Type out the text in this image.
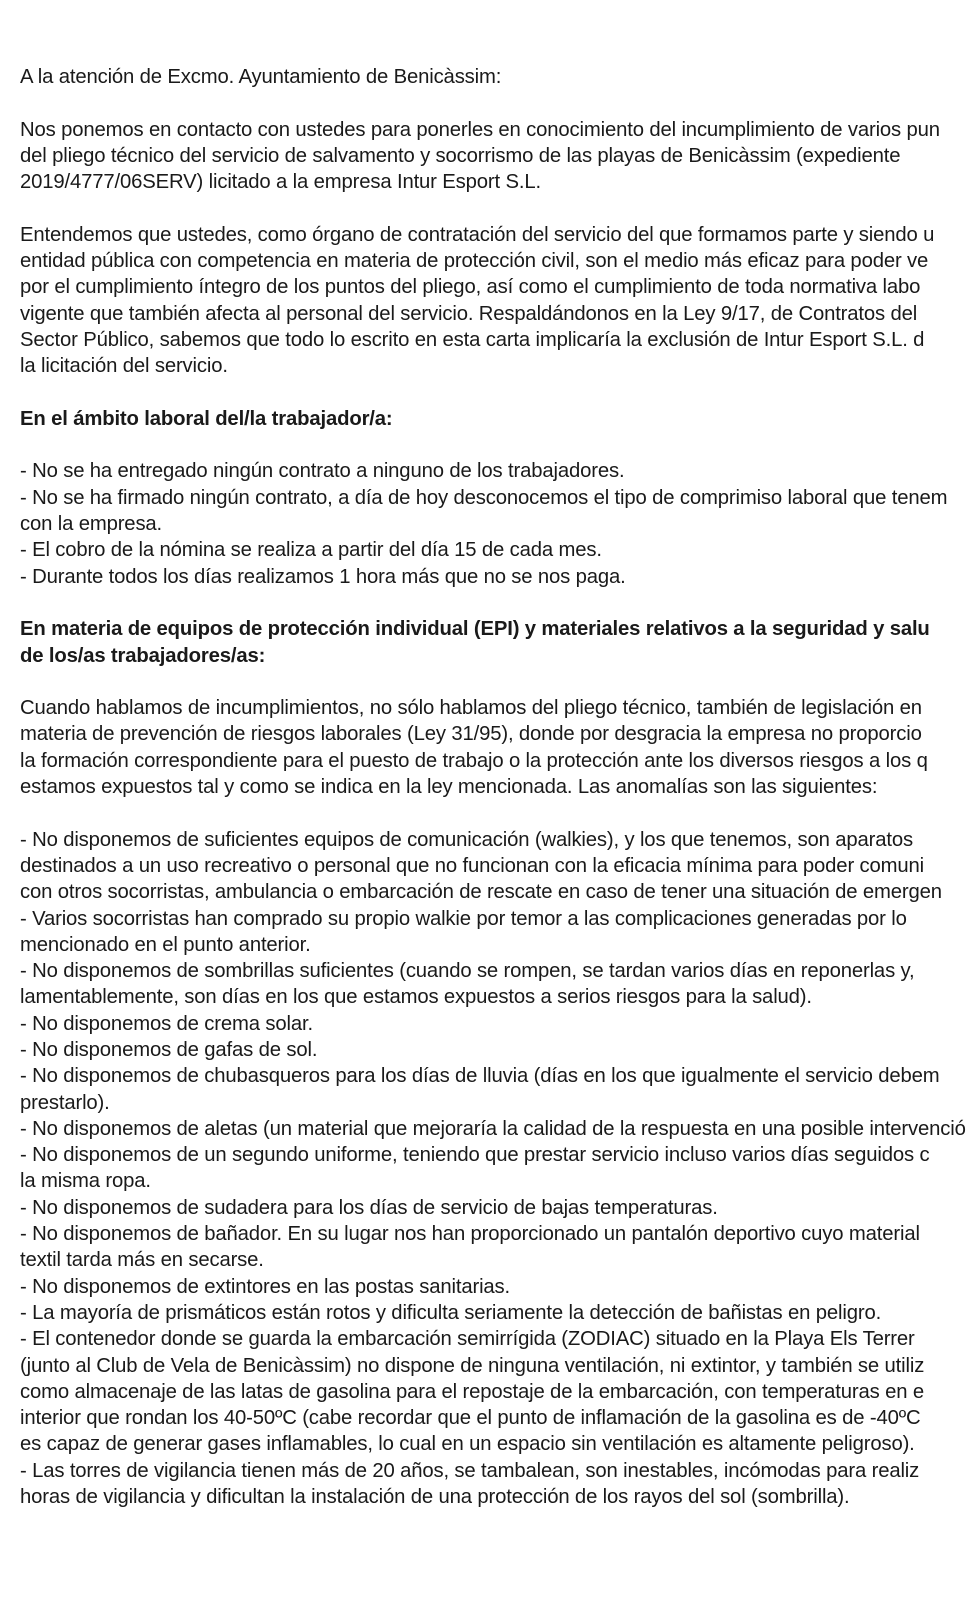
A la atención de Excmo. Ayuntamiento de Benicàssim:
Nos ponemos en contacto con ustedes para ponerles en conocimiento del incumplimiento de varios pun
del pliego técnico del servicio de salvamento y socorrismo de las playas de Benicàssim (expediente
2019/4777/06SERV) licitado a la empresa Intur Esport S.L.
Entendemos que ustedes, como órgano de contratación del servicio del que formamos parte y siendo u
entidad pública con competencia en materia de protección civil, son el medio más eficaz para poder ve
por el cumplimiento íntegro de los puntos del pliego, así como el cumplimiento de toda normativa labo
vigente que también afecta al personal del servicio. Respaldándonos en la Ley 9/17, de Contratos del
Sector Público, sabemos que todo lo escrito en esta carta implicaría la exclusión de Intur Esport S.L. d
la licitación del servicio.
En el ámbito laboral del/la trabajador/a:
- No se ha entregado ningún contrato a ninguno de los trabajadores.
- No se ha firmado ningún contrato, a día de hoy desconocemos el tipo de comprimiso laboral que tenem
con la empresa.
- El cobro de la nómina se realiza a partir del día 15 de cada mes.
- Durante todos los días realizamos 1 hora más que no se nos paga.
En materia de equipos de protección individual (EPI) y materiales relativos a la seguridad y salu
de los/as trabajadores/as:
Cuando hablamos de incumplimientos, no sólo hablamos del pliego técnico, también de legislación en
materia de prevención de riesgos laborales (Ley 31/95), donde por desgracia la empresa no proporcio
la formación correspondiente para el puesto de trabajo o la protección ante los diversos riesgos a los q
estamos expuestos tal y como se indica en la ley mencionada. Las anomalías son las siguientes:
- No disponemos de suficientes equipos de comunicación (walkies), y los que tenemos, son aparatos
destinados a un uso recreativo o personal que no funcionan con la eficacia mínima para poder comuni
con otros socorristas, ambulancia o embarcación de rescate en caso de tener una situación de emergen
- Varios socorristas han comprado su propio walkie por temor a las complicaciones generadas por lo
mencionado en el punto anterior.
- No disponemos de sombrillas suficientes (cuando se rompen, se tardan varios días en reponerlas y,
lamentablemente, son días en los que estamos expuestos a serios riesgos para la salud).
- No disponemos de crema solar.
- No disponemos de gafas de sol.
- No disponemos de chubasqueros para los días de lluvia (días en los que igualmente el servicio debem
prestarlo).
- No disponemos de aletas (un material que mejoraría la calidad de la respuesta en una posible intervenció
- No disponemos de un segundo uniforme, teniendo que prestar servicio incluso varios días seguidos c
la misma ropa.
- No disponemos de sudadera para los días de servicio de bajas temperaturas.
- No disponemos de bañador. En su lugar nos han proporcionado un pantalón deportivo cuyo material
textil tarda más en secarse.
- No disponemos de extintores en las postas sanitarias.
- La mayoría de prismáticos están rotos y dificulta seriamente la detección de bañistas en peligro.
- El contenedor donde se guarda la embarcación semirrígida (ZODIAC) situado en la Playa Els Terrer
(junto al Club de Vela de Benicàssim) no dispone de ninguna ventilación, ni extintor, y también se utiliz
como almacenaje de las latas de gasolina para el repostaje de la embarcación, con temperaturas en e
interior que rondan los 40-50ºC (cabe recordar que el punto de inflamación de la gasolina es de -40ºC
es capaz de generar gases inflamables, lo cual en un espacio sin ventilación es altamente peligroso).
- Las torres de vigilancia tienen más de 20 años, se tambalean, son inestables, incómodas para realiz
horas de vigilancia y dificultan la instalación de una protección de los rayos del sol (sombrilla).
